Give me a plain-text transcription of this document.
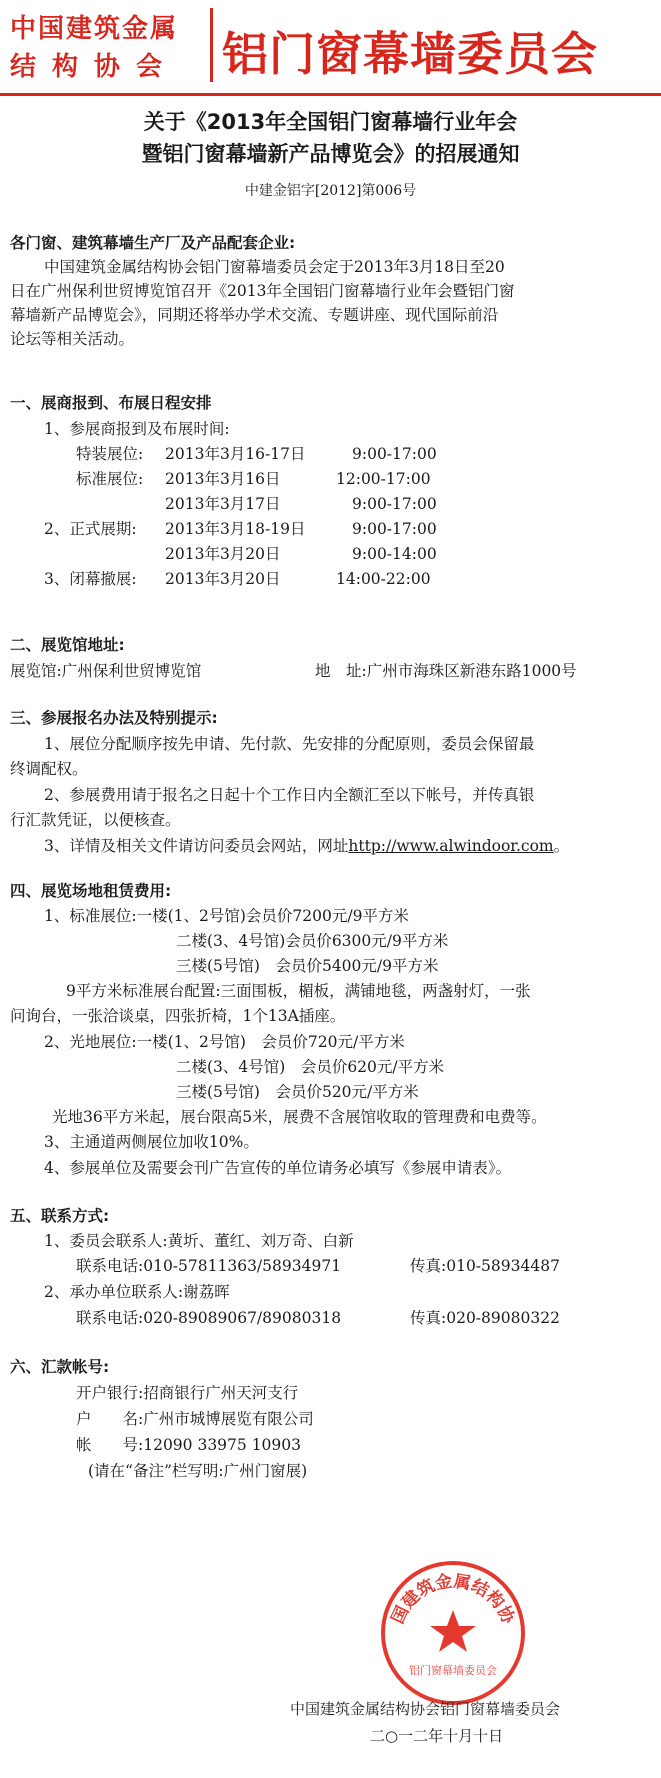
中国建筑金属
结构协会 铝门窗幕墙委员会
关于《2013年全国铝门窗幕墙行业年会
暨铝门窗幕墙新产品博览会》的招展通知
中建金铝字[2012]第006号
各门窗、建筑幕墙生产厂及产品配套企业:
中国建筑金属结构协会铝门窗幕墙委员会定于2013年3月18日至20
日在广州保利世贸博览馆召开《2013年全国铝门窗幕墙行业年会暨铝门窗
幕墙新产品博览会》，同期还将举办学术交流、专题讲座、现代国际前沿
论坛等相关活动。
一、展商报到、布展日程安排
1、参展商报到及布展时间:
特装展位: 2013年3月16-17日	9:00-17:00
标准展位: 2013年3月16日	12:00-17:00
2013年3月17日	9:00-17:00
2、正式展期: 2013年3月18-19日	9:00-17:00
2013年3月20日	9:00-14:00
3、闭幕撤展: 2013年3月20日	14:00-22:00
二、展览馆地址:
展览馆:广州保利世贸博览馆	地　址:广州市海珠区新港东路1000号
三、参展报名办法及特别提示:
1、展位分配顺序按先申请、先付款、先安排的分配原则，委员会保留最
终调配权。
2、参展费用请于报名之日起十个工作日内全额汇至以下帐号，并传真银
行汇款凭证，以便核查。
3、详情及相关文件请访问委员会网站，网址http://www.alwindoor.com。
四、展览场地租赁费用:
1、标准展位:一楼(1、2号馆)会员价7200元/9平方米
二楼(3、4号馆)会员价6300元/9平方米
三楼(5号馆)　会员价5400元/9平方米
9平方米标准展台配置:三面围板，楣板，满铺地毯，两盏射灯，一张
问询台，一张洽谈桌，四张折椅，1个13A插座。
2、光地展位:一楼(1、2号馆)　会员价720元/平方米
二楼(3、4号馆)　会员价620元/平方米
三楼(5号馆)　会员价520元/平方米
光地36平方米起，展台限高5米，展费不含展馆收取的管理费和电费等。
3、主通道两侧展位加收10%。
4、参展单位及需要会刊广告宣传的单位请务必填写《参展申请表》。
五、联系方式:
1、委员会联系人:黄圻、董红、刘万奇、白新
联系电话:010-57811363/58934971	传真:010-58934487
2、承办单位联系人:谢荔晖
联系电话:020-89089067/89080318	传真:020-89080322
六、汇款帐号:
开户银行:招商银行广州天河支行
户　　名:广州市城博展览有限公司
帐　　号:12090 33975 10903
(请在“备注”栏写明:广州门窗展)
国建筑金属结构协
铝门窗幕墙委员会
中国建筑金属结构协会铝门窗幕墙委员会
二○一二年十月十日
